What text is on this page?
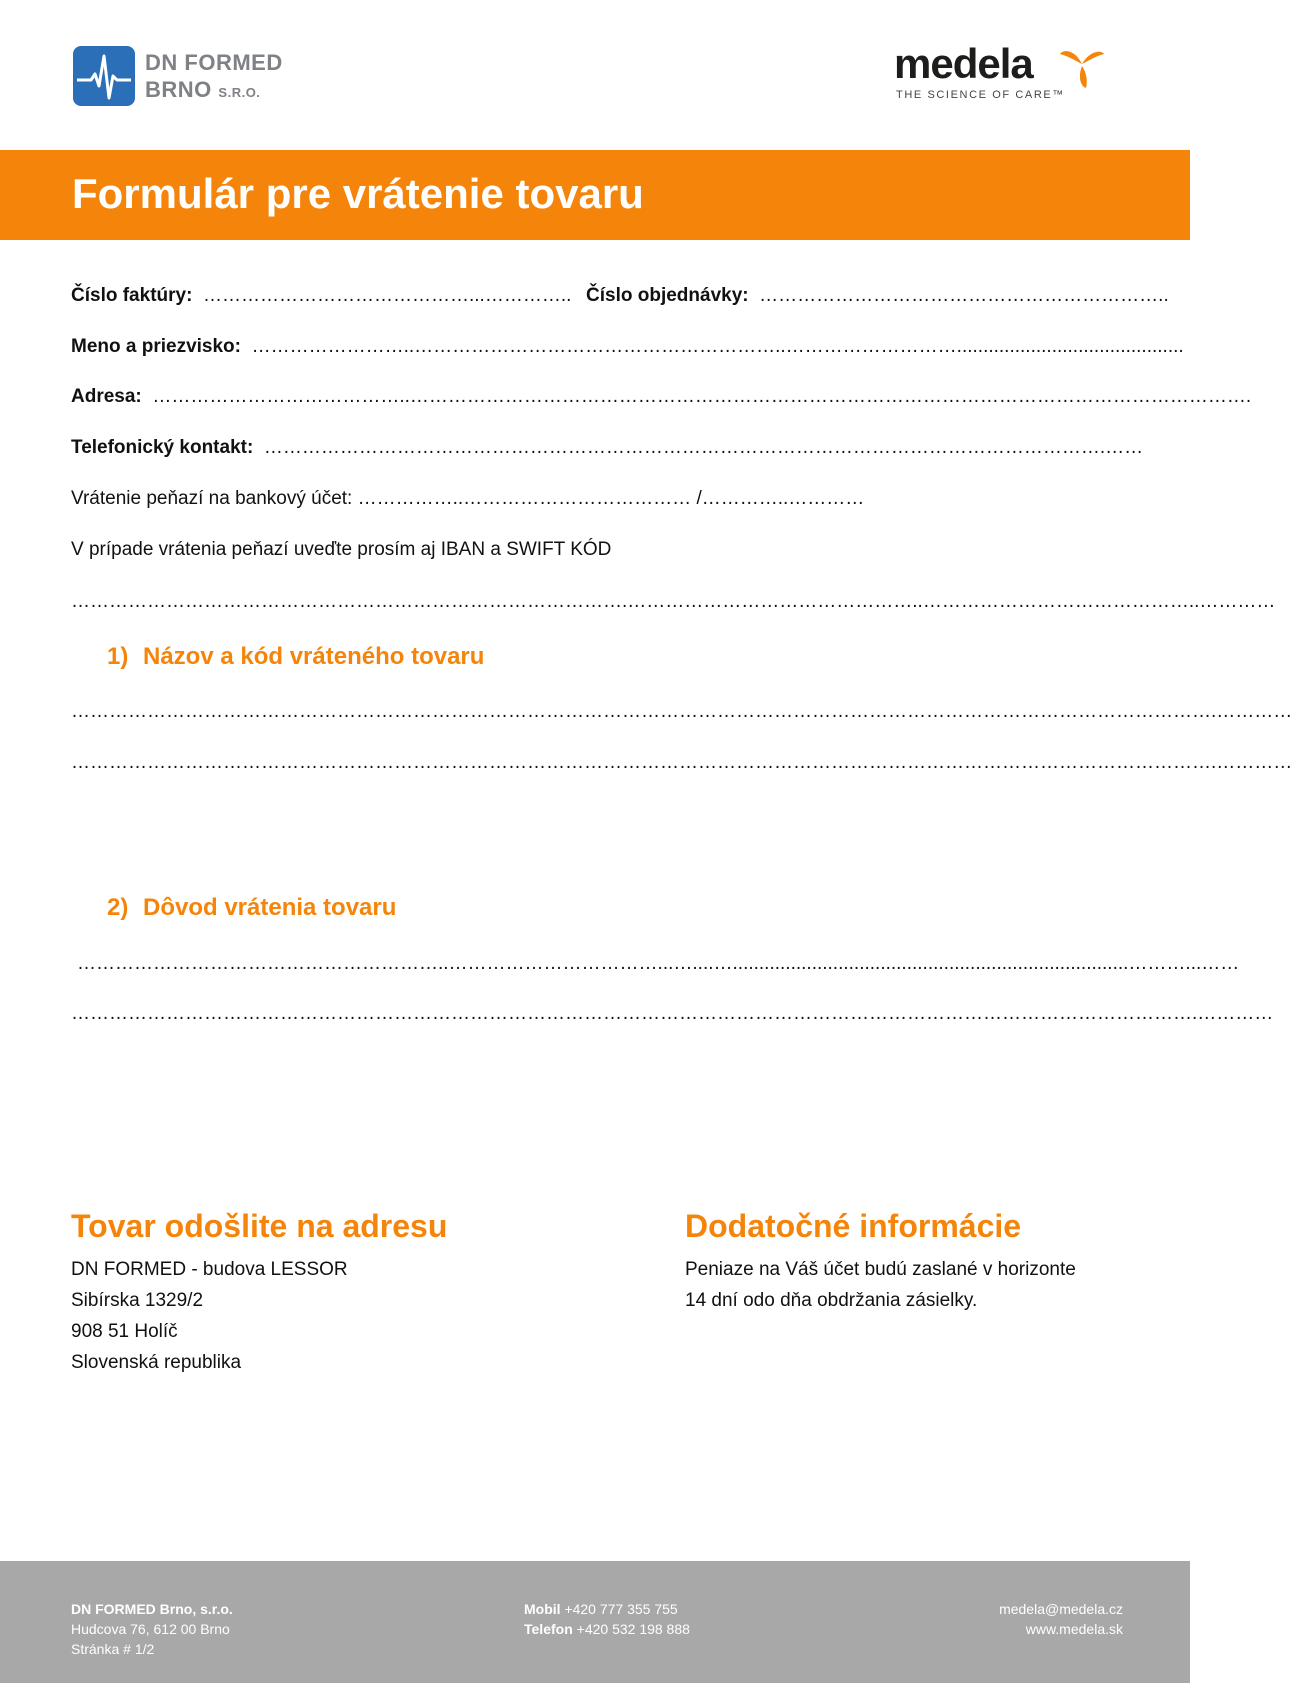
DN FORMED
BRNO S.R.O.
medela
THE SCIENCE OF CARE™
Formulár pre vrátenie tovaru
Číslo faktúry: ……………………………………...………….. Číslo objednávky: ………………………………………………………..
Meno a priezvisko: ……………………..…………………………………………………..………………………...........................................
Adresa: …………………………………..…………………………………………………………………………………………………………………….
Telefonický kontakt: …………………………………………………………………………………………………………………….……
Vrátenie peňazí na bankový účet: ……………..……………………………… /…………..…………
V prípade vrátenia peňazí uveďte prosím aj IBAN a SWIFT KÓD
…………………………………………………………………………….………………………………………..……………………………………..…………
1) Názov a kód vráteného tovaru
……………………………………………………………………………………………………………………………………………………………….…………
……………………………………………………………………………………………………………………………………………………………….…………
2) Dôvod vrátenia tovaru
…………………………………………………..……………………………...…....…...........................................................................………...……
…………………………………………………………………………………………………………………………………………………………….…………
Tovar odošlite na adresu
DN FORMED - budova LESSOR
Sibírska 1329/2
908 51 Holíč
Slovenská republika
Dodatočné informácie
Peniaze na Váš účet budú zaslané v horizonte
14 dní odo dňa obdržania zásielky.
DN FORMED Brno, s.r.o.
Hudcova 76, 612 00 Brno
Stránka # 1/2
Mobil +420 777 355 755
Telefon +420 532 198 888
medela@medela.cz
www.medela.sk
